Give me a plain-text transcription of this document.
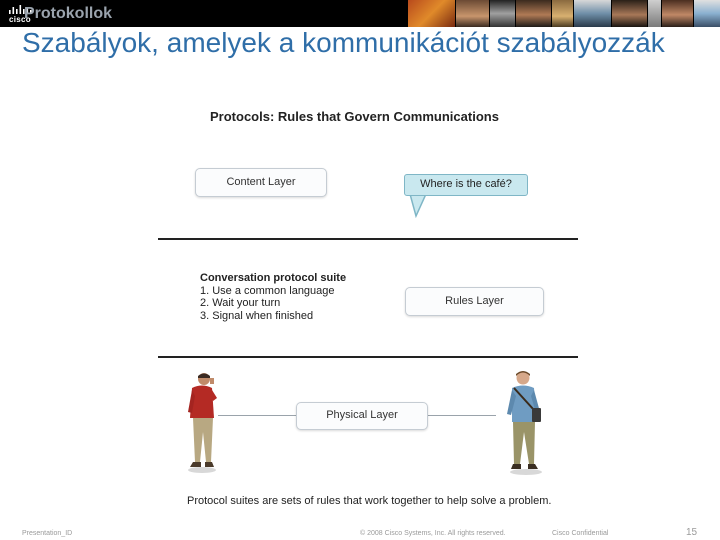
cisco
Protokollok
Szabályok, amelyek a kommunikációt szabályozzák
Protocols: Rules that Govern Communications
Content Layer	Where is the café?
Conversation protocol suite
1. Use a common language
2. Wait your turn
3. Signal when finished
Rules Layer
Physical Layer
Protocol suites are sets of rules that work together to help solve a problem.
Presentation_ID	© 2008 Cisco Systems, Inc. All rights reserved.	Cisco Confidential	15
